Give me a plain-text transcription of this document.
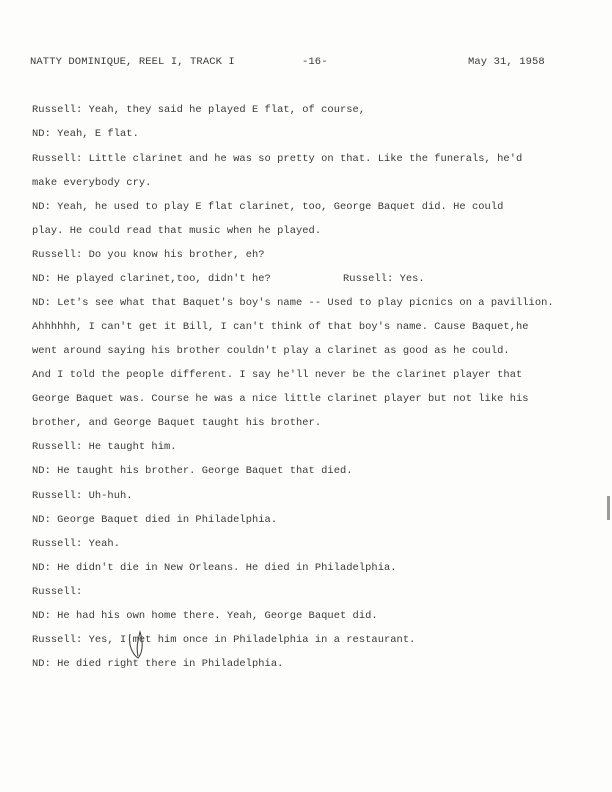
NATTY DOMINIQUE, REEL I, TRACK I	-16-	May 31, 1958
Russell: Yeah, they said he played E flat, of course,
ND: Yeah, E flat.
Russell: Little clarinet and he was so pretty on that. Like the funerals, he'd
make everybody cry.
ND: Yeah, he used to play E flat clarinet, too, George Baquet did. He could
play. He could read that music when he played.
Russell: Do you know his brother, eh?
ND: He played clarinet,too, didn't he?	Russell: Yes.
ND: Let's see what that Baquet's boy's name -- Used to play picnics on a pavillion.
Ahhhhhh, I can't get it Bill, I can't think of that boy's name. Cause Baquet,he
went around saying his brother couldn't play a clarinet as good as he could.
And I told the people different. I say he'll never be the clarinet player that
George Baquet was. Course he was a nice little clarinet player but not like his
brother, and George Baquet taught his brother.
Russell: He taught him.
ND: He taught his brother. George Baquet that died.
Russell: Uh-huh.
ND: George Baquet died in Philadelphia.
Russell: Yeah.
ND: He didn't die in New Orleans. He died in Philadelphia.
Russell:
ND: He had his own home there. Yeah, George Baquet did.
Russell: Yes, I met him once in Philadelphia in a restaurant.
ND: He died right there in Philadelphia.
